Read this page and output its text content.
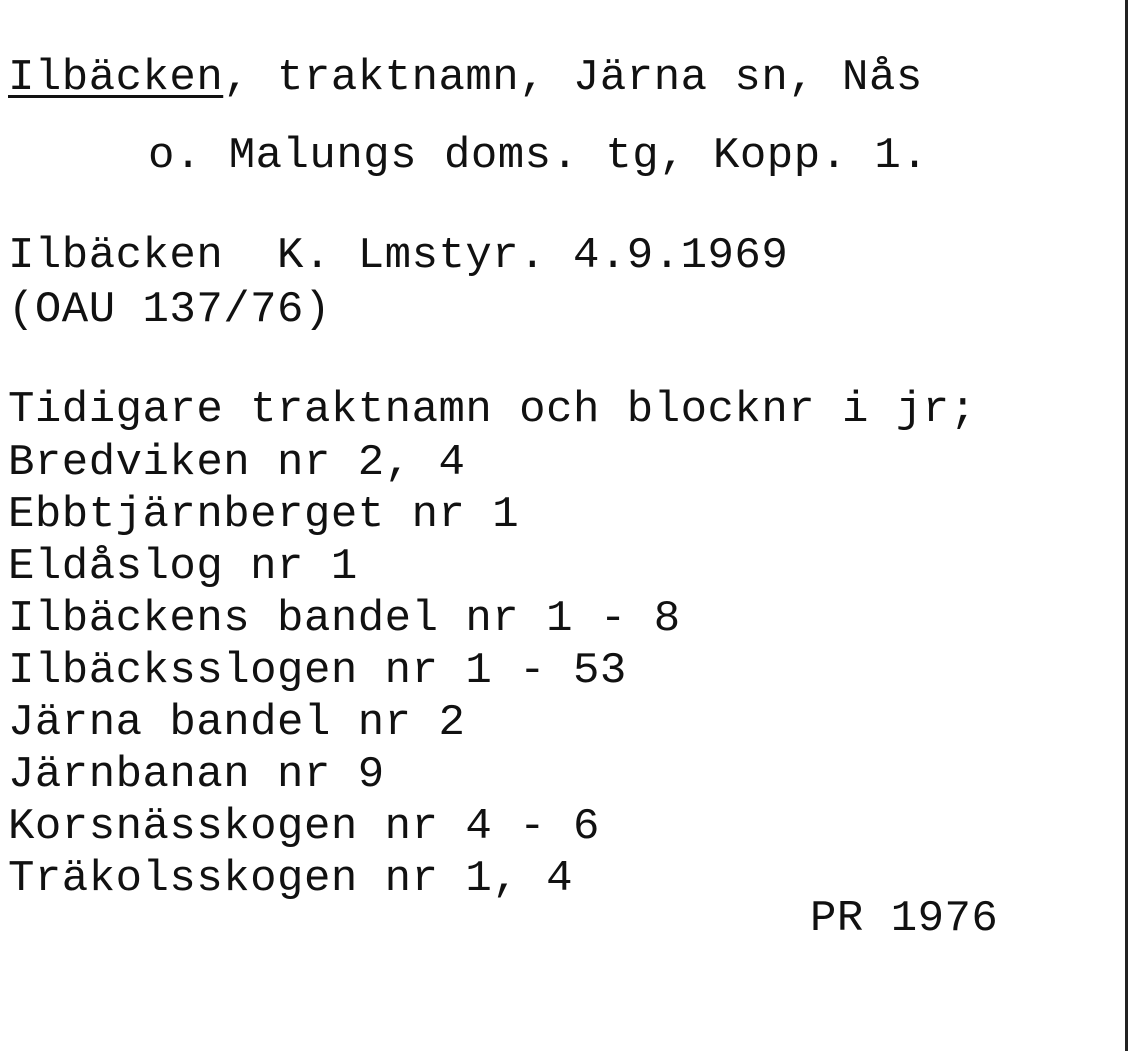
Ilbäcken, traktnamn, Järna sn, Nås
o. Malungs doms. tg, Kopp. 1.
Ilbäcken  K. Lmstyr. 4.9.1969
(OAU 137/76)
Tidigare traktnamn och blocknr i jr;
Bredviken nr 2, 4
Ebbtjärnberget nr 1
Eldåslog nr 1
Ilbäckens bandel nr 1 - 8
Ilbäcksslogen nr 1 - 53
Järna bandel nr 2
Järnbanan nr 9
Korsnässkogen nr 4 - 6
Träkolsskogen nr 1, 4
PR 1976
